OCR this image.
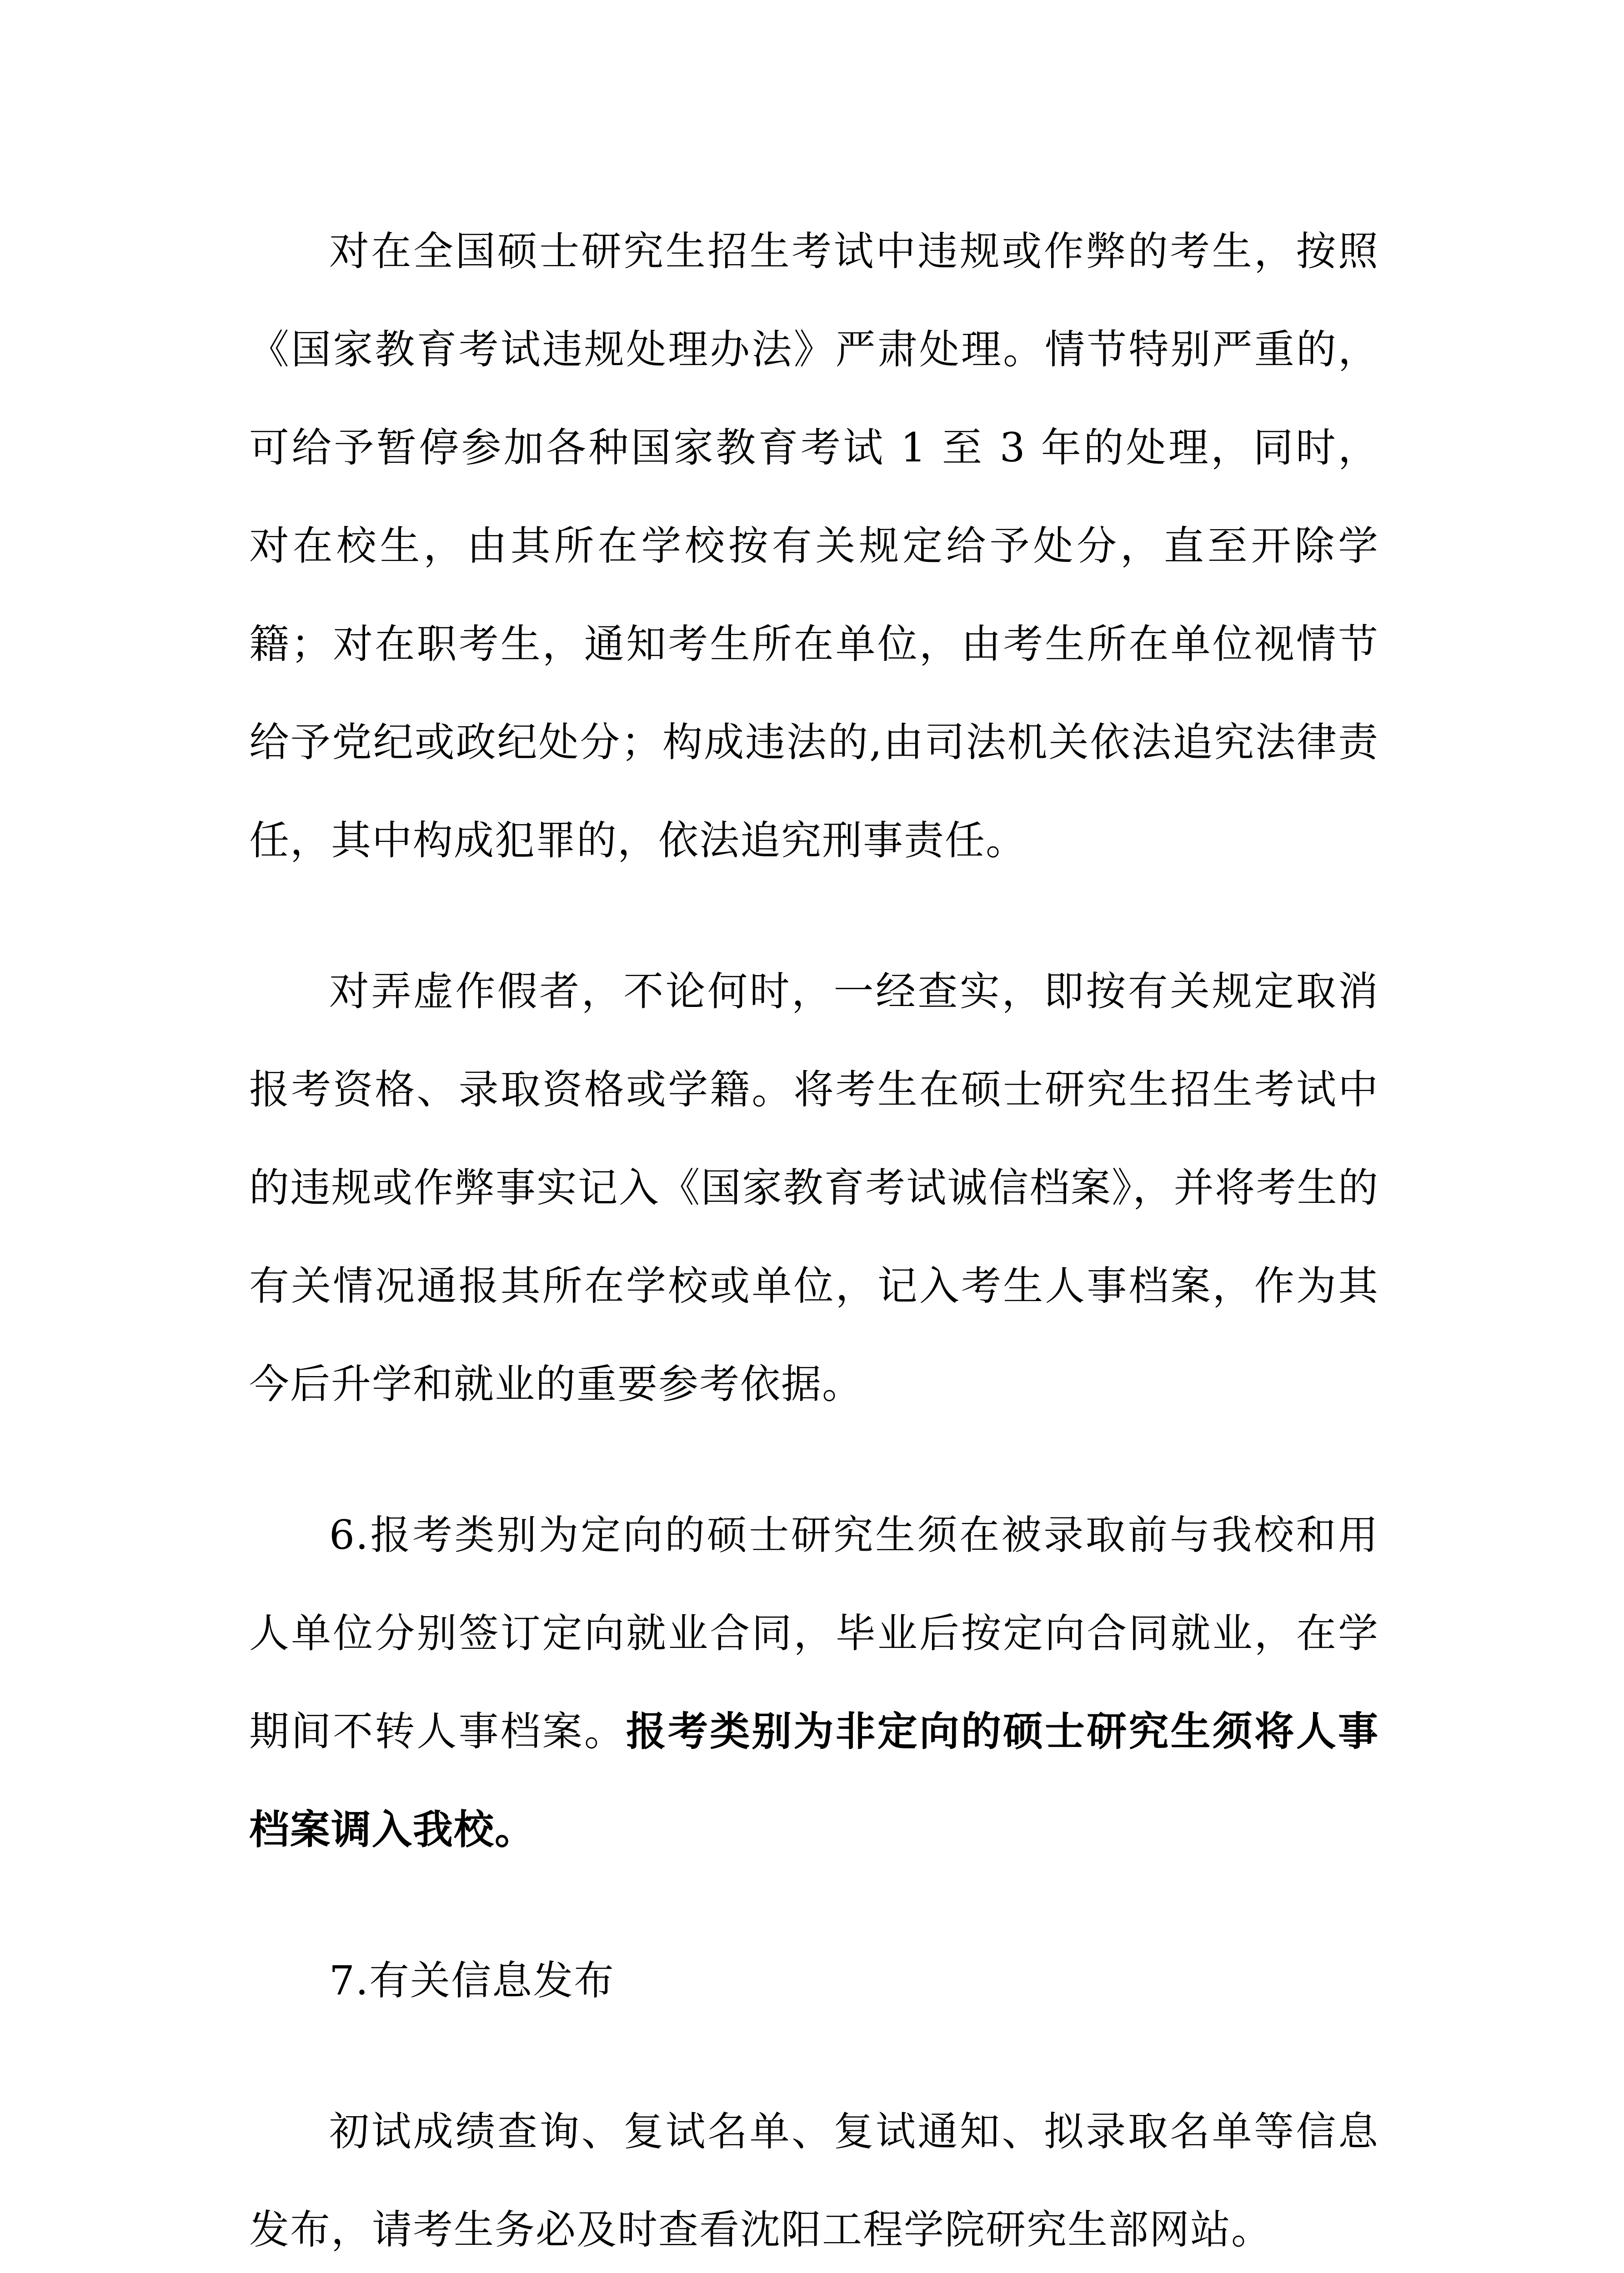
对在全国硕士研究生招生考试中违规或作弊的考生，按照《国家教育考试违规处理办法》严肃处理。情节特别严重的，可给予暂停参加各种国家教育考试 1 至 3 年的处理，同时，对在校生，由其所在学校按有关规定给予处分，直至开除学籍；对在职考生，通知考生所在单位，由考生所在单位视情节给予党纪或政纪处分；构成违法的,由司法机关依法追究法律责任，其中构成犯罪的，依法追究刑事责任。

对弄虚作假者，不论何时，一经查实，即按有关规定取消报考资格、录取资格或学籍。将考生在硕士研究生招生考试中的违规或作弊事实记入《国家教育考试诚信档案》，并将考生的有关情况通报其所在学校或单位，记入考生人事档案，作为其今后升学和就业的重要参考依据。

6.报考类别为定向的硕士研究生须在被录取前与我校和用人单位分别签订定向就业合同，毕业后按定向合同就业，在学期间不转人事档案。报考类别为非定向的硕士研究生须将人事档案调入我校。

7.有关信息发布

初试成绩查询、复试名单、复试通知、拟录取名单等信息发布，请考生务必及时查看沈阳工程学院研究生部网站。
